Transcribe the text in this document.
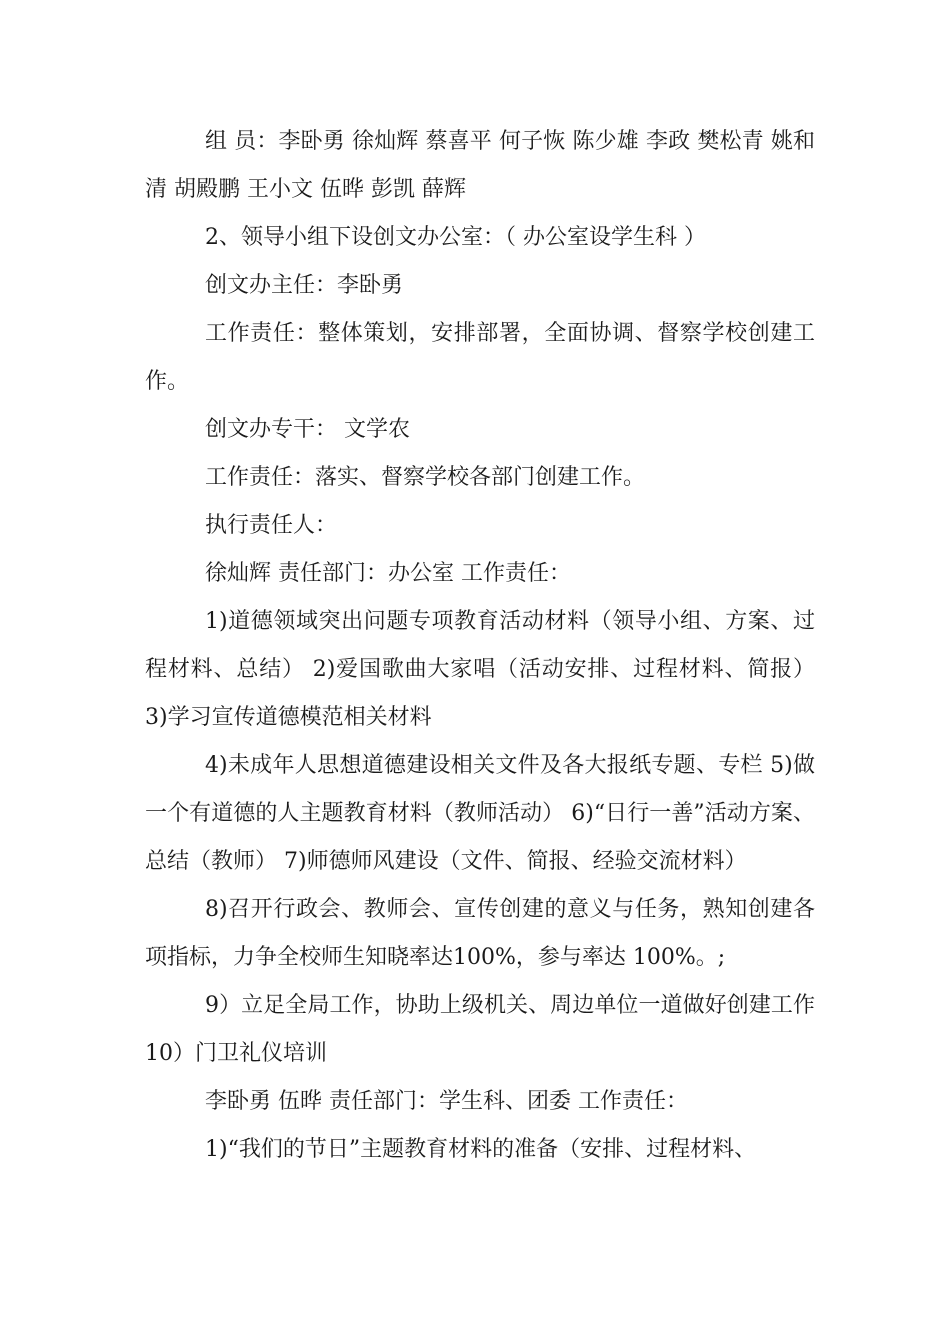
组 员：李卧勇 徐灿辉 蔡喜平 何子恢 陈少雄 李政 樊松青 姚和清 胡殿鹏 王小文 伍晔 彭凯 薛辉

2、领导小组下设创文办公室：（ 办公室设学生科 ）

创文办主任：李卧勇

工作责任：整体策划，安排部署，全面协调、督察学校创建工作。

创文办专干： 文学农

工作责任：落实、督察学校各部门创建工作。

执行责任人：

徐灿辉 责任部门：办公室 工作责任：

1)道德领域突出问题专项教育活动材料（领导小组、方案、过程材料、总结） 2)爱国歌曲大家唱（活动安排、过程材料、简报） 3)学习宣传道德模范相关材料

4)未成年人思想道德建设相关文件及各大报纸专题、专栏 5)做一个有道德的人主题教育材料（教师活动） 6)“日行一善”活动方案、总结（教师） 7)师德师风建设（文件、简报、经验交流材料）

8)召开行政会、教师会、宣传创建的意义与任务，熟知创建各项指标，力争全校师生知晓率达100%，参与率达 100%。;

9）立足全局工作，协助上级机关、周边单位一道做好创建工作 10）门卫礼仪培训

李卧勇 伍晔 责任部门：学生科、团委 工作责任：

1)“我们的节日”主题教育材料的准备（安排、过程材料、
